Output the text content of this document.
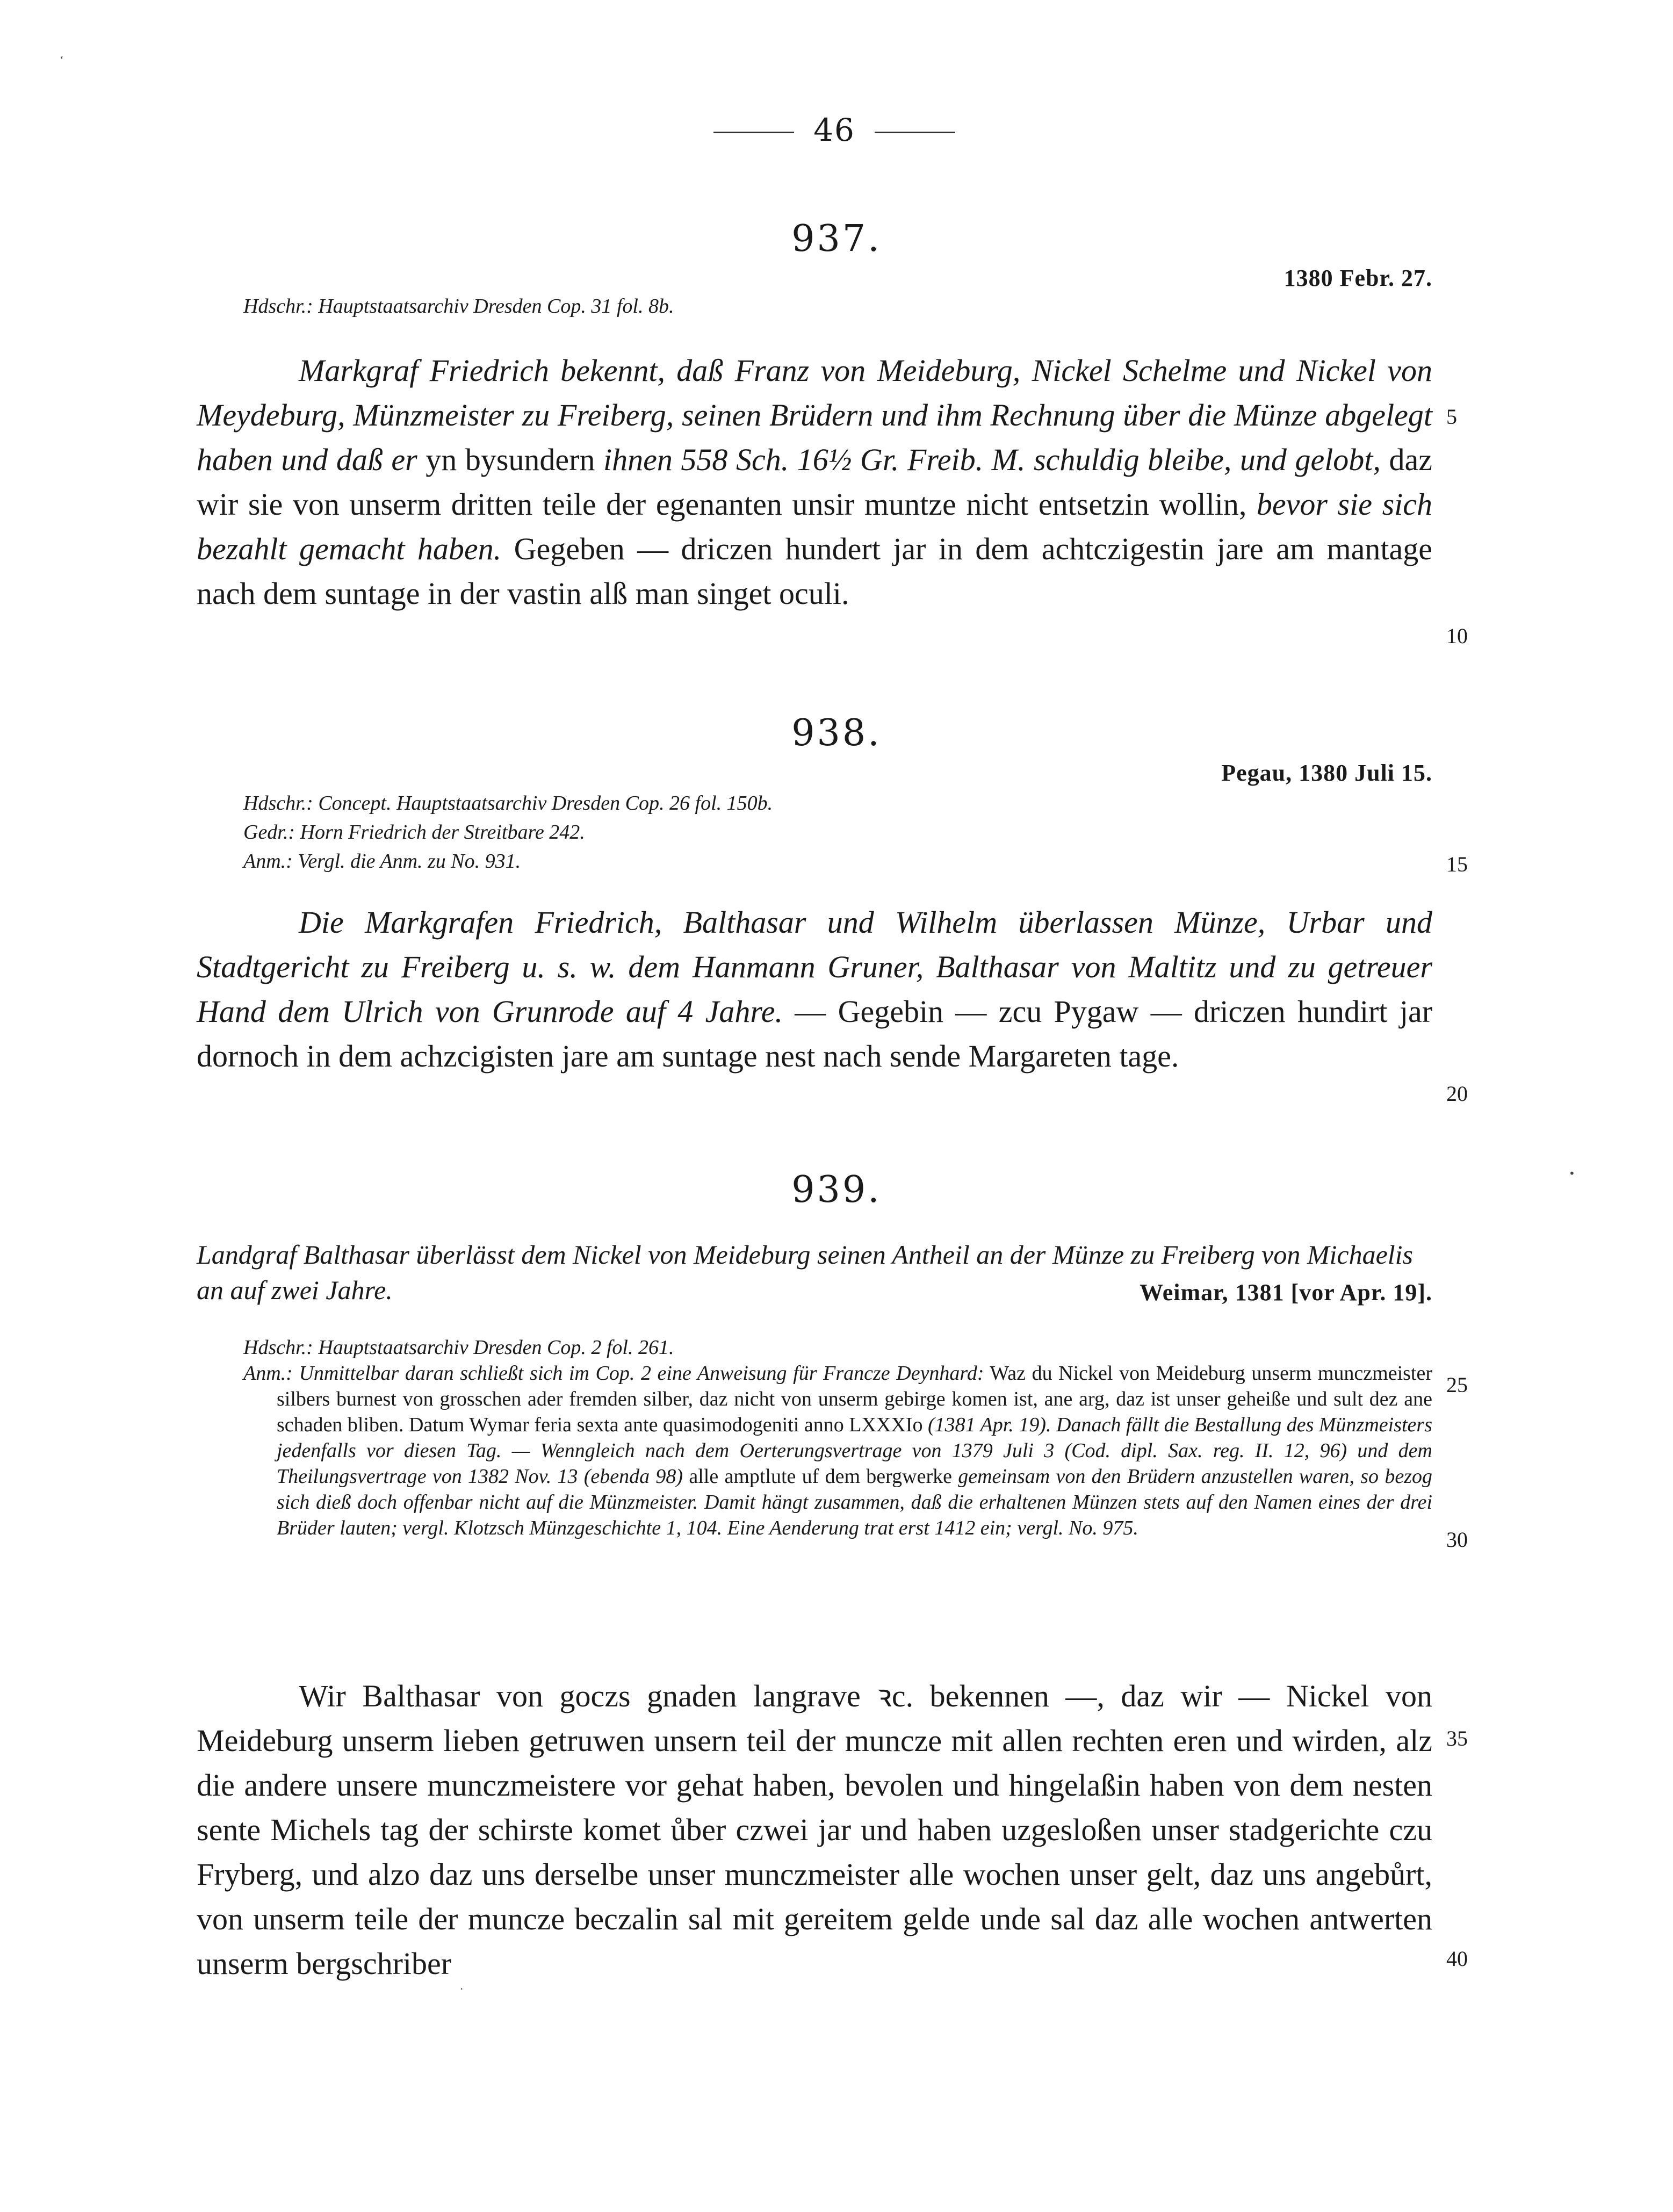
46
937.
1380 Febr. 27.
Hdschr.: Hauptstaatsarchiv Dresden Cop. 31 fol. 8b.
Markgraf Friedrich bekennt, daß Franz von Meideburg, Nickel Schelme und Nickel von Meydeburg, Münzmeister zu Freiberg, seinen Brüdern und ihm Rechnung über die Münze abgelegt haben und daß er yn bysundern ihnen 558 Sch. 16½ Gr. Freib. M. schuldig bleibe, und gelobt, daz wir sie von unserm dritten teile der egenanten unsir muntze nicht entsetzin wollin, bevor sie sich bezahlt gemacht haben. Gegeben — driczen hundert jar in dem achtczigestin jare am mantage nach dem suntage in der vastin alß man singet oculi.
5
10
938.
Pegau, 1380 Juli 15.
Hdschr.: Concept. Hauptstaatsarchiv Dresden Cop. 26 fol. 150b.
Gedr.: Horn Friedrich der Streitbare 242.
Anm.: Vergl. die Anm. zu No. 931.	15
Die Markgrafen Friedrich, Balthasar und Wilhelm überlassen Münze, Urbar und Stadtgericht zu Freiberg u. s. w. dem Hanmann Gruner, Balthasar von Maltitz und zu getreuer Hand dem Ulrich von Grunrode auf 4 Jahre. — Gegebin — zcu Pygaw — driczen hundirt jar dornoch in dem achzcigisten jare am suntage nest nach sende Margareten tage.
20
939.
Landgraf Balthasar überlässt dem Nickel von Meideburg seinen Antheil an der Münze zu Freiberg von Michaelis an auf zwei Jahre.	Weimar, 1381 [vor Apr. 19].

Hdschr.: Hauptstaatsarchiv Dresden Cop. 2 fol. 261.

Anm.: Unmittelbar daran schließt sich im Cop. 2 eine Anweisung für Francze Deynhard: Waz du Nickel von Meideburg unserm munczmeister silbers burnest von grosschen ader fremden silber, daz nicht von unserm gebirge komen ist, ane arg, daz ist unser geheiße und sult dez ane schaden bliben. Datum Wymar feria sexta ante quasimodogeniti anno LXXXIo (1381 Apr. 19). Danach fällt die Bestallung des Münzmeisters jedenfalls vor diesen Tag. — Wenngleich nach dem Oerterungsvertrage von 1379 Juli 3 (Cod. dipl. Sax. reg. II. 12, 96) und dem Theilungsvertrage von 1382 Nov. 13 (ebenda 98) alle amptlute uf dem bergwerke gemeinsam von den Brüdern anzustellen waren, so bezog sich dieß doch offenbar nicht auf die Münzmeister. Damit hängt zusammen, daß die erhaltenen Münzen stets auf den Namen eines der drei Brüder lauten; vergl. Klotzsch Münzgeschichte 1, 104. Eine Aenderung trat erst 1412 ein; vergl. No. 975.

25
30
Wir Balthasar von goczs gnaden langrave ꝛc. bekennen —, daz wir — Nickel von Meideburg unserm lieben getruwen unsern teil der muncze mit allen rechten eren und wirden, alz die andere unsere munczmeistere vor gehat haben, bevolen und hingelaßin haben von dem nesten sente Michels tag der schirste komet ůber czwei jar und haben uzgesloßen unser stadgerichte czu Fryberg, und alzo daz uns derselbe unser munczmeister alle wochen unser gelt, daz uns angebůrt, von unserm teile der muncze beczalin sal mit gereitem gelde unde sal daz alle wochen antwerten unserm bergschriber
35
40
‘
•
·
